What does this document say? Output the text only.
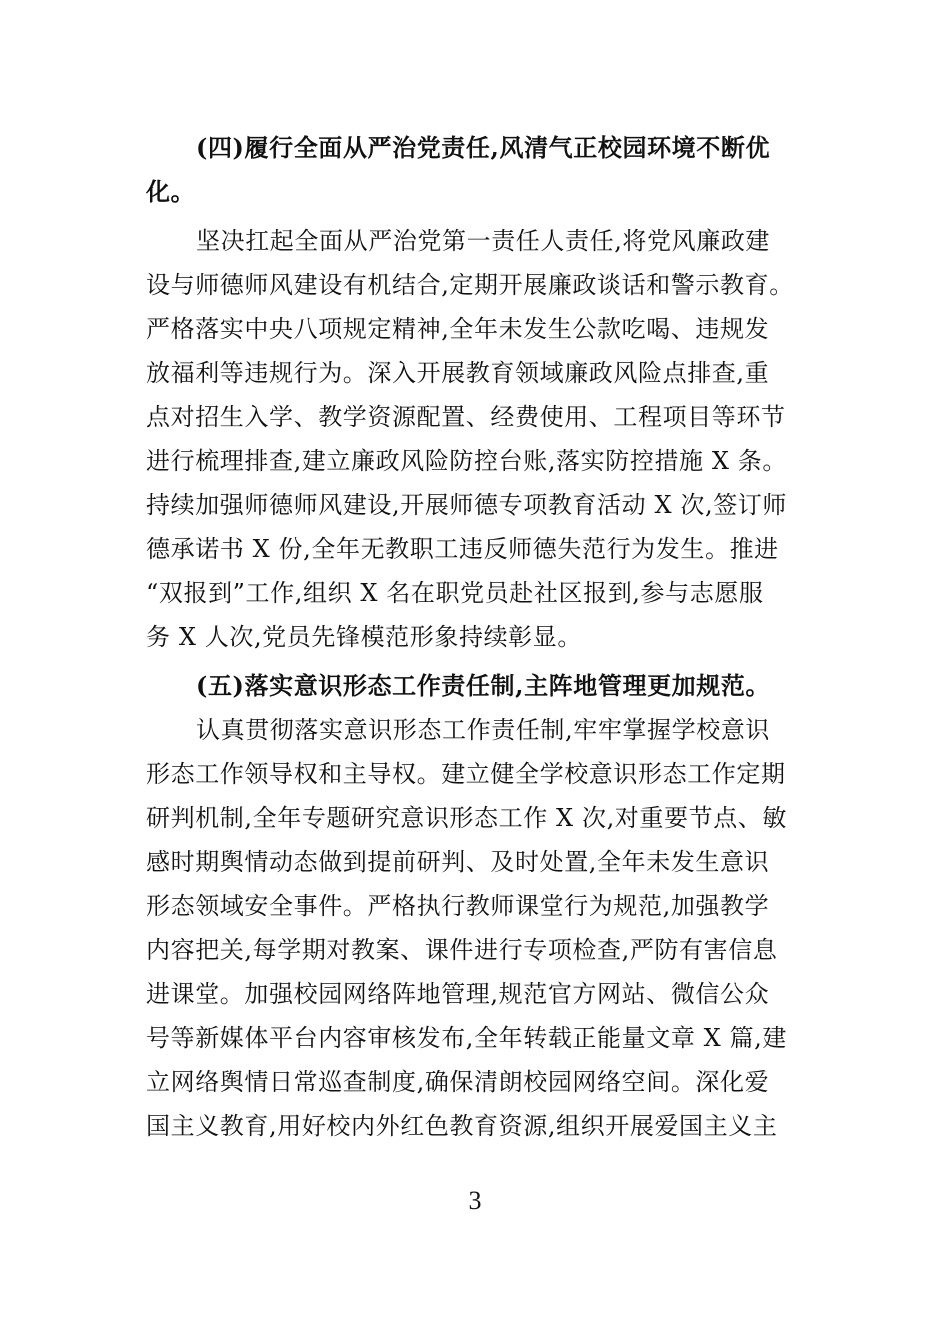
(四)履行全面从严治党责任,风清气正校园环境不断优
化。
坚决扛起全面从严治党第一责任人责任,将党风廉政建
设与师德师风建设有机结合,定期开展廉政谈话和警示教育。
严格落实中央八项规定精神,全年未发生公款吃喝、违规发
放福利等违规行为。深入开展教育领域廉政风险点排查,重
点对招生入学、教学资源配置、经费使用、工程项目等环节
进行梳理排查,建立廉政风险防控台账,落实防控措施 X 条。
持续加强师德师风建设,开展师德专项教育活动 X 次,签订师
德承诺书 X 份,全年无教职工违反师德失范行为发生。推进
“双报到”工作,组织 X 名在职党员赴社区报到,参与志愿服
务 X 人次,党员先锋模范形象持续彰显。
(五)落实意识形态工作责任制,主阵地管理更加规范。
认真贯彻落实意识形态工作责任制,牢牢掌握学校意识
形态工作领导权和主导权。建立健全学校意识形态工作定期
研判机制,全年专题研究意识形态工作 X 次,对重要节点、敏
感时期舆情动态做到提前研判、及时处置,全年未发生意识
形态领域安全事件。严格执行教师课堂行为规范,加强教学
内容把关,每学期对教案、课件进行专项检查,严防有害信息
进课堂。加强校园网络阵地管理,规范官方网站、微信公众
号等新媒体平台内容审核发布,全年转载正能量文章 X 篇,建
立网络舆情日常巡查制度,确保清朗校园网络空间。深化爱
国主义教育,用好校内外红色教育资源,组织开展爱国主义主
3
